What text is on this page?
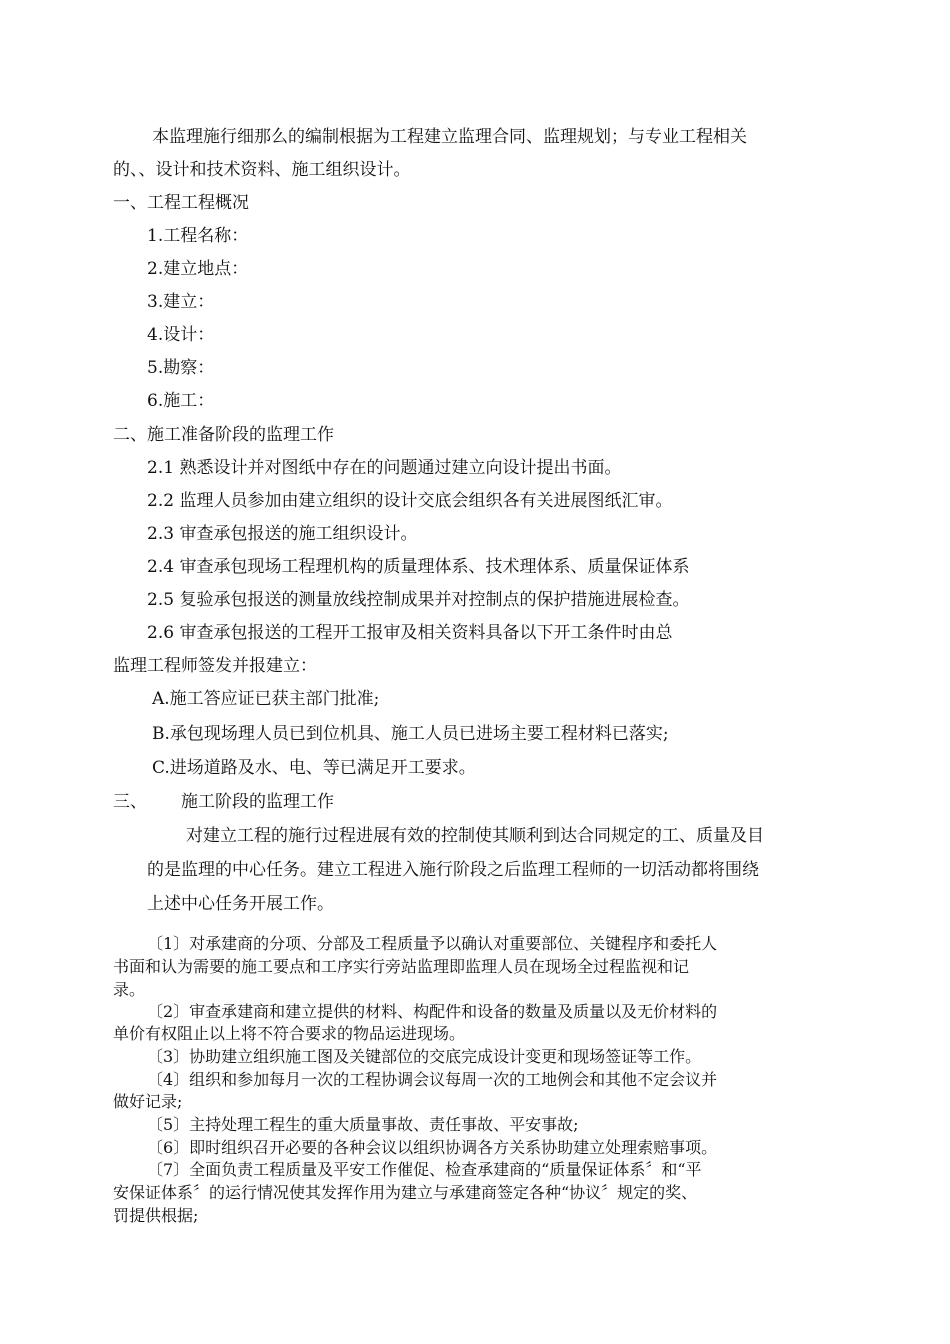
本监理施行细那么的编制根据为工程建立监理合同、监理规划；与专业工程相关
的、、设计和技术资料、施工组织设计。
一、工程工程概况
1.工程名称：
2.建立地点：
3.建立：
4.设计：
5.勘察：
6.施工：
二、施工准备阶段的监理工作
2.1 熟悉设计并对图纸中存在的问题通过建立向设计提出书面。
2.2 监理人员参加由建立组织的设计交底会组织各有关进展图纸汇审。
2.3 审查承包报送的施工组织设计。
2.4 审查承包现场工程理机构的质量理体系、技术理体系、质量保证体系
2.5 复验承包报送的测量放线控制成果并对控制点的保护措施进展检查。
2.6 审查承包报送的工程开工报审及相关资料具备以下开工条件时由总
监理工程师签发并报建立：
A.施工答应证已获主部门批准;
B.承包现场理人员已到位机具、施工人员已进场主要工程材料已落实;
C.进场道路及水、电、等已满足开工要求。
三、 施工阶段的监理工作
对建立工程的施行过程进展有效的控制使其顺利到达合同规定的工、质量及目
的是监理的中心任务。建立工程进入施行阶段之后监理工程师的一切活动都将围绕
上述中心任务开展工作。
〔1〕对承建商的分项、分部及工程质量予以确认对重要部位、关键程序和委托人
书面和认为需要的施工要点和工序实行旁站监理即监理人员在现场全过程监视和记
录。
〔2〕审查承建商和建立提供的材料、构配件和设备的数量及质量以及无价材料的
单价有权阻止以上将不符合要求的物品运进现场。
〔3〕协助建立组织施工图及关键部位的交底完成设计变更和现场签证等工作。
〔4〕组织和参加每月一次的工程协调会议每周一次的工地例会和其他不定会议并
做好记录;
〔5〕主持处理工程生的重大质量事故、责任事故、平安事故;
〔6〕即时组织召开必要的各种会议以组织协调各方关系协助建立处理索赔事项。
〔7〕全面负责工程质量及平安工作催促、检查承建商的“质量保证体系〞和“平
安保证体系〞的运行情况使其发挥作用为建立与承建商签定各种“协议〞规定的奖、
罚提供根据;
